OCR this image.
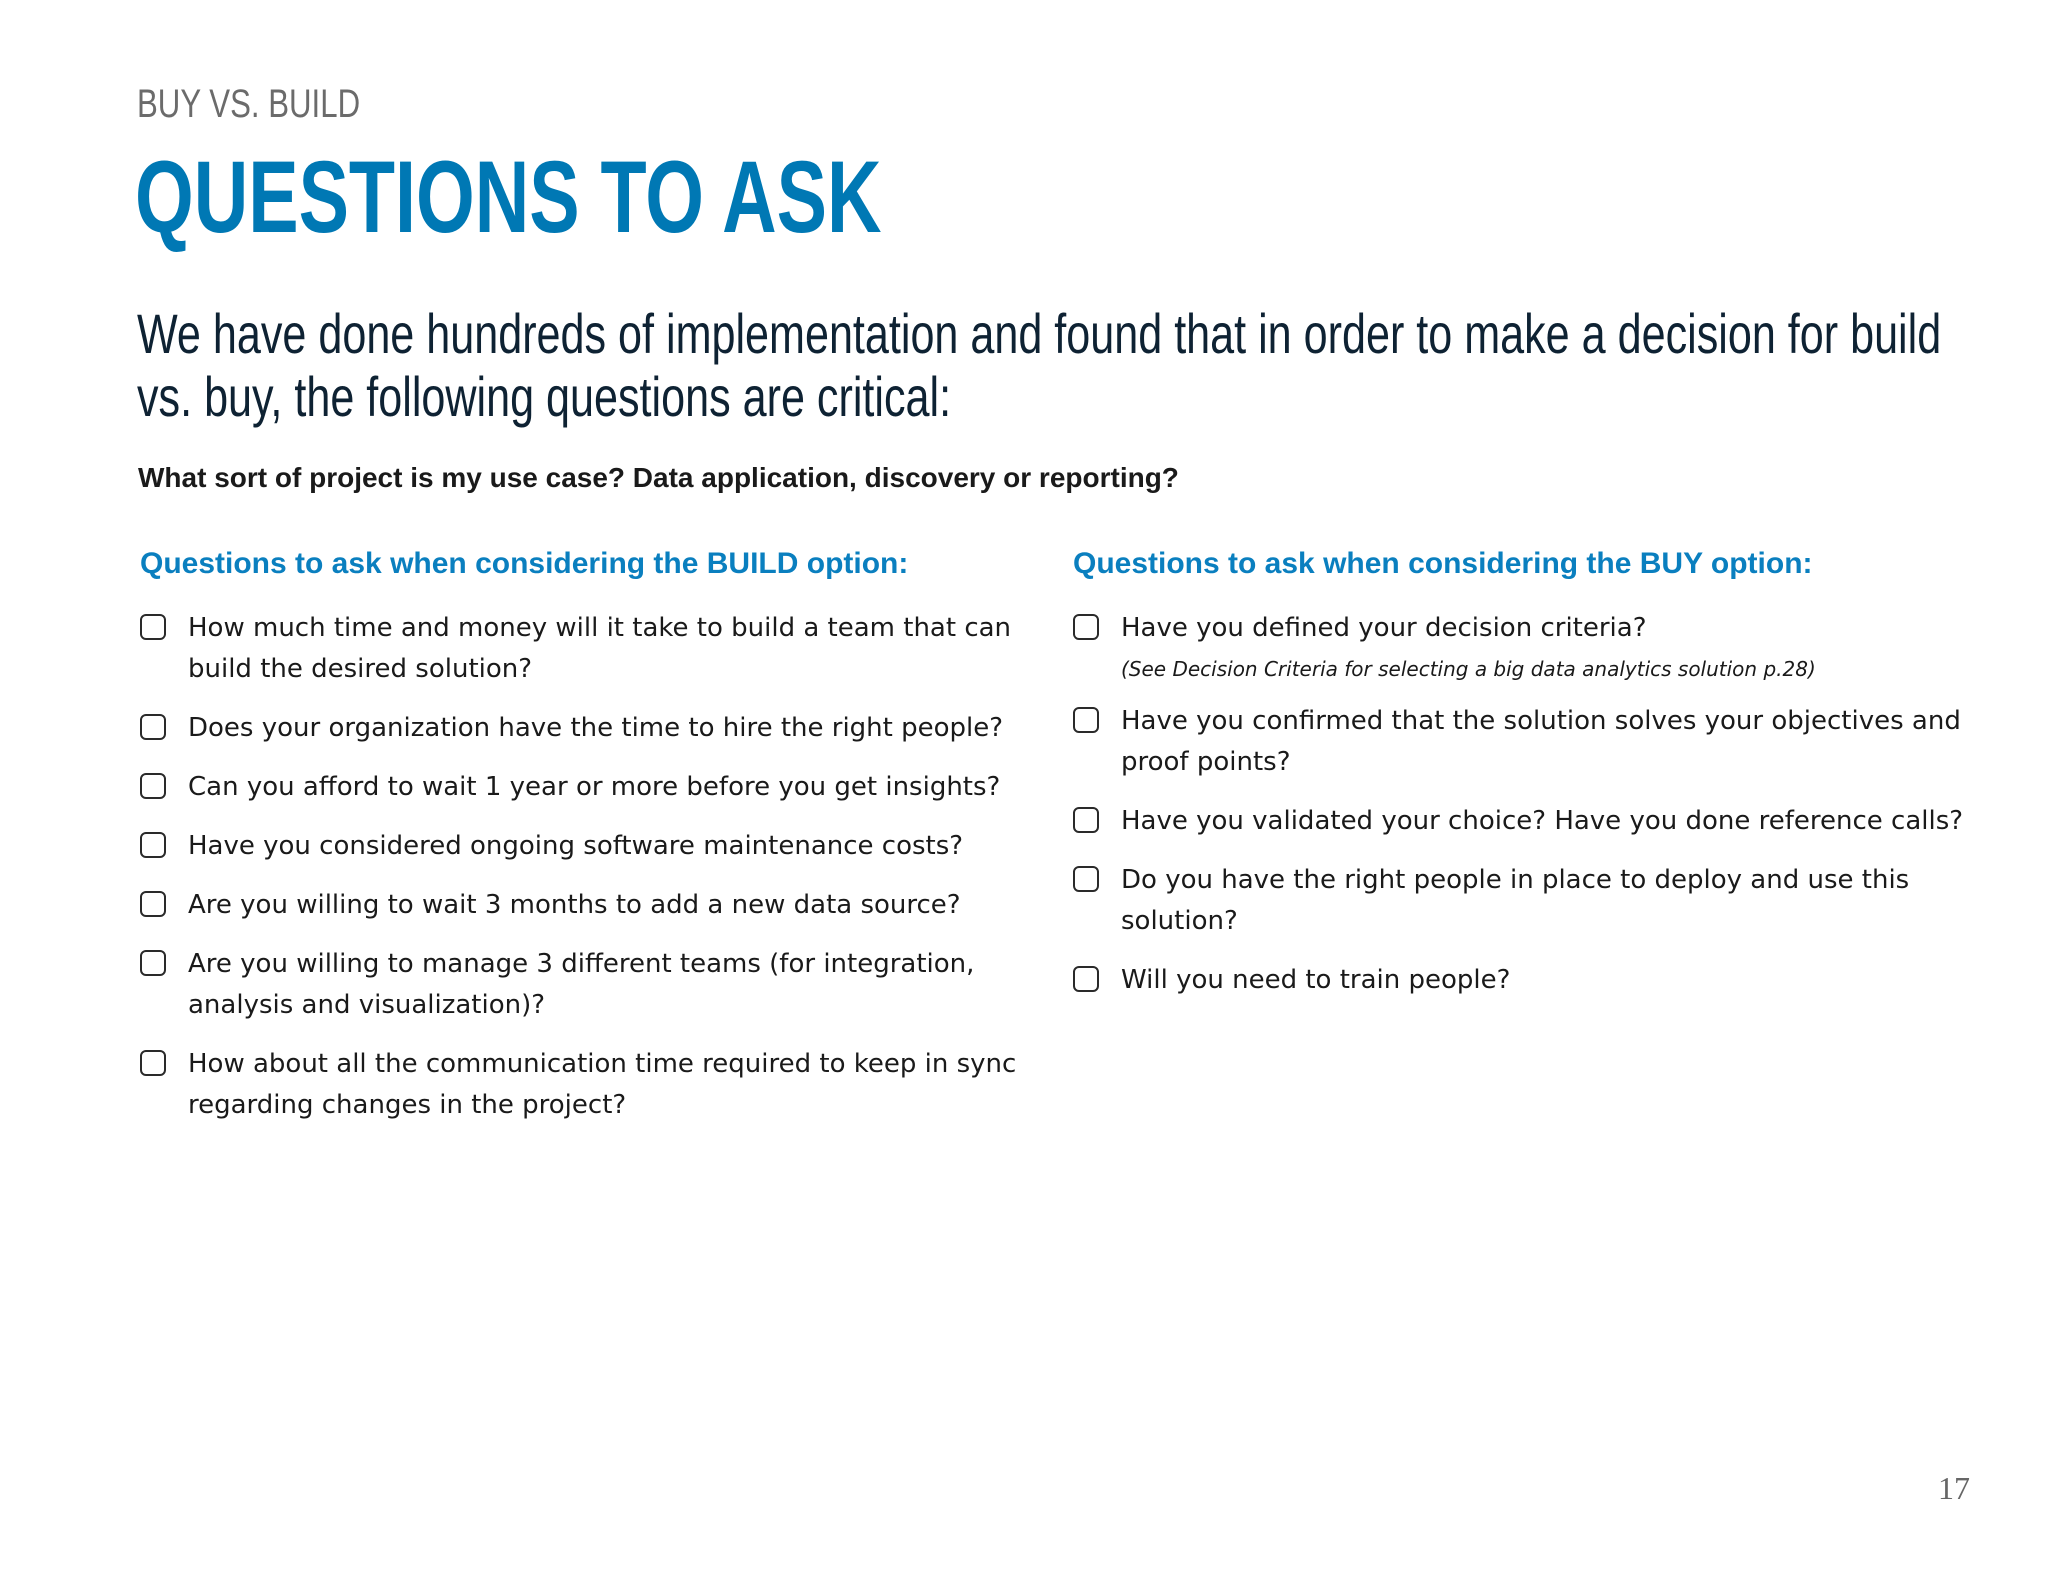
BUY VS. BUILD
QUESTIONS TO ASK

We have done hundreds of implementation and found that in order to make a decision for build vs. buy, the following questions are critical:

What sort of project is my use case? Data application, discovery or reporting?

Questions to ask when considering the BUILD option:
How much time and money will it take to build a team that can build the desired solution?
Does your organization have the time to hire the right people?
Can you afford to wait 1 year or more before you get insights?
Have you considered ongoing software maintenance costs?
Are you willing to wait 3 months to add a new data source?
Are you willing to manage 3 different teams (for integration, analysis and visualization)?
How about all the communication time required to keep in sync regarding changes in the project?
Questions to ask when considering the BUY option:
Have you defined your decision criteria?
(See Decision Criteria for selecting a big data analytics solution p.28)
Have you confirmed that the solution solves your objectives and proof points?
Have you validated your choice? Have you done reference calls?
Do you have the right people in place to deploy and use this solution?
Will you need to train people?
17
